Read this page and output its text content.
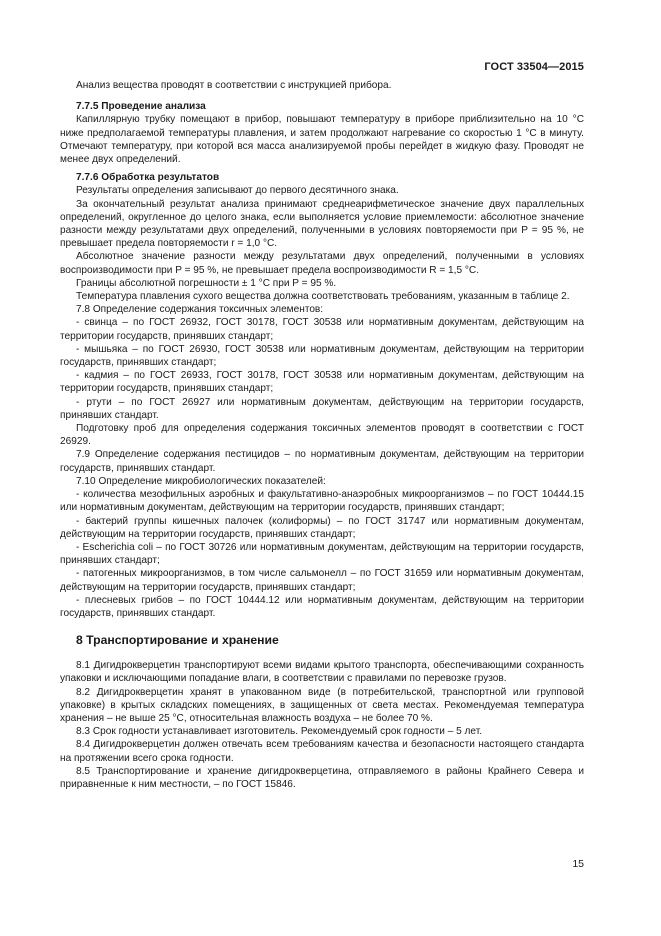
ГОСТ 33504—2015

Анализ вещества проводят в соответствии с инструкцией прибора.

7.7.5 Проведение анализа

Капиллярную трубку помещают в прибор, повышают температуру в приборе приблизительно на 10 °С ниже предполагаемой температуры плавления, и затем продолжают нагревание со скоростью 1 °С в минуту. Отмечают температуру, при которой вся масса анализируемой пробы перейдет в жидкую фазу. Проводят не менее двух определений.

7.7.6 Обработка результатов

Результаты определения записывают до первого десятичного знака.

За окончательный результат анализа принимают среднеарифметическое значение двух параллельных определений, округленное до целого знака, если выполняется условие приемлемости: абсолютное значение разности между результатами двух определений, полученными в условиях повторяемости при P = 95 %, не превышает предела повторяемости r = 1,0 °С.

Абсолютное значение разности между результатами двух определений, полученными в условиях воспроизводимости при P = 95 %, не превышает предела воспроизводимости R = 1,5 °С.

Границы абсолютной погрешности ± 1 °С при P = 95 %.

Температура плавления сухого вещества должна соответствовать требованиям, указанным в таблице 2.

7.8 Определение содержания токсичных элементов:

- свинца – по ГОСТ 26932, ГОСТ 30178, ГОСТ 30538 или нормативным документам, действующим на территории государств, принявших стандарт;

- мышьяка – по ГОСТ 26930, ГОСТ 30538 или нормативным документам, действующим на территории государств, принявших стандарт;

- кадмия – по ГОСТ 26933, ГОСТ 30178, ГОСТ 30538 или нормативным документам, действующим на территории государств, принявших стандарт;

- ртути – по ГОСТ 26927 или нормативным документам, действующим на территории государств, принявших стандарт.

Подготовку проб для определения содержания токсичных элементов проводят в соответствии с ГОСТ 26929.

7.9 Определение содержания пестицидов – по нормативным документам, действующим на территории государств, принявших стандарт.

7.10 Определение микробиологических показателей:

- количества мезофильных аэробных и факультативно-анаэробных микроорганизмов – по ГОСТ 10444.15 или нормативным документам, действующим на территории государств, принявших стандарт;

- бактерий группы кишечных палочек (колиформы) – по ГОСТ 31747 или нормативным документам, действующим на территории государств, принявших стандарт;

- Escherichia coli – по ГОСТ 30726 или нормативным документам, действующим на территории государств, принявших стандарт;

- патогенных микроорганизмов, в том числе сальмонелл – по ГОСТ 31659 или нормативным документам, действующим на территории государств, принявших стандарт;

- плесневых грибов – по ГОСТ 10444.12 или нормативным документам, действующим на территории государств, принявших стандарт.

8 Транспортирование и хранение

8.1 Дигидрокверцетин транспортируют всеми видами крытого транспорта, обеспечивающими сохранность упаковки и исключающими попадание влаги, в соответствии с правилами по перевозке грузов.

8.2 Дигидрокверцетин хранят в упакованном виде (в потребительской, транспортной или групповой упаковке) в крытых складских помещениях, в защищенных от света местах. Рекомендуемая температура хранения – не выше 25 °С, относительная влажность воздуха – не более 70 %.

8.3 Срок годности устанавливает изготовитель. Рекомендуемый срок годности – 5 лет.

8.4 Дигидрокверцетин должен отвечать всем требованиям качества и безопасности настоящего стандарта на протяжении всего срока годности.

8.5 Транспортирование и хранение дигидрокверцетина, отправляемого в районы Крайнего Севера и приравненные к ним местности, – по ГОСТ 15846.

15
